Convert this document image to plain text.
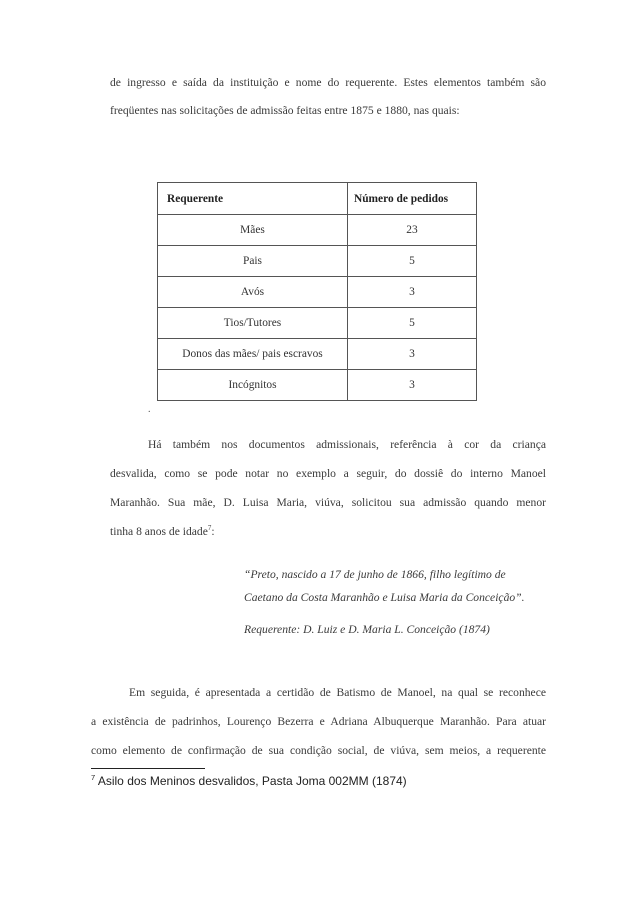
de ingresso e saída da instituição e nome do requerente. Estes elementos também são
freqüentes nas solicitações de admissão feitas entre 1875 e 1880, nas quais:
Requerente	Número de pedidos
Mães	23
Pais	5
Avós	3
Tios/Tutores	5
Donos das mães/ pais escravos	3
Incógnitos	3
.
Há também nos documentos admissionais, referência à cor da criança
desvalida, como se pode notar no exemplo a seguir, do dossiê do interno Manoel
Maranhão. Sua mãe, D. Luisa Maria, viúva, solicitou sua admissão quando menor
tinha 8 anos de idade$^7$:
“Preto, nascido a 17 de junho de 1866, filho legítimo de
Caetano da Costa Maranhão e Luisa Maria da Conceição”.
Requerente: D. Luiz e D. Maria L. Conceição (1874)
Em seguida, é apresentada a certidão de Batismo de Manoel, na qual se reconhece
a existência de padrinhos, Lourenço Bezerra e Adriana Albuquerque Maranhão. Para atuar
como elemento de confirmação de sua condição social, de viúva, sem meios, a requerente
$^7$ Asilo dos Meninos desvalidos, Pasta Joma 002MM (1874)
